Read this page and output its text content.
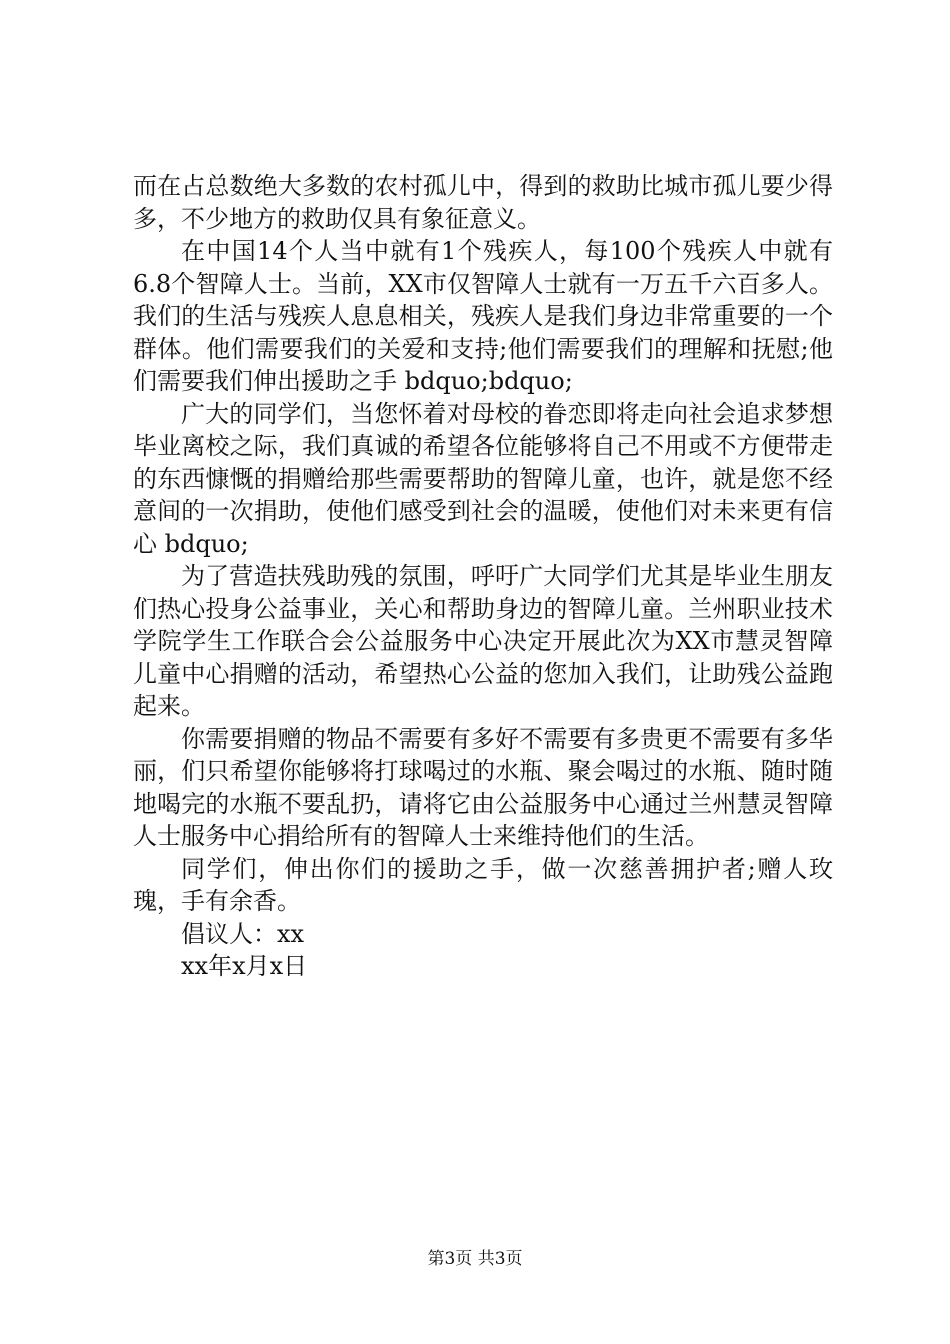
而在占总数绝大多数的农村孤儿中，得到的救助比城市孤儿要少得多，不少地方的救助仅具有象征意义。

在中国14个人当中就有1个残疾人，每100个残疾人中就有6.8个智障人士。当前，XX市仅智障人士就有一万五千六百多人。我们的生活与残疾人息息相关，残疾人是我们身边非常重要的一个群体。他们需要我们的关爱和支持;他们需要我们的理解和抚慰;他们需要我们伸出援助之手 bdquo;bdquo;

广大的同学们，当您怀着对母校的眷恋即将走向社会追求梦想毕业离校之际，我们真诚的希望各位能够将自己不用或不方便带走的东西慷慨的捐赠给那些需要帮助的智障儿童，也许，就是您不经意间的一次捐助，使他们感受到社会的温暖，使他们对未来更有信心 bdquo;

为了营造扶残助残的氛围，呼吁广大同学们尤其是毕业生朋友们热心投身公益事业，关心和帮助身边的智障儿童。兰州职业技术学院学生工作联合会公益服务中心决定开展此次为XX市慧灵智障儿童中心捐赠的活动，希望热心公益的您加入我们，让助残公益跑起来。

你需要捐赠的物品不需要有多好不需要有多贵更不需要有多华丽，们只希望你能够将打球喝过的水瓶、聚会喝过的水瓶、随时随地喝完的水瓶不要乱扔，请将它由公益服务中心通过兰州慧灵智障人士服务中心捐给所有的智障人士来维持他们的生活。

同学们，伸出你们的援助之手，做一次慈善拥护者;赠人玫瑰，手有余香。

倡议人：xx

xx年x月x日

第3页 共3页
